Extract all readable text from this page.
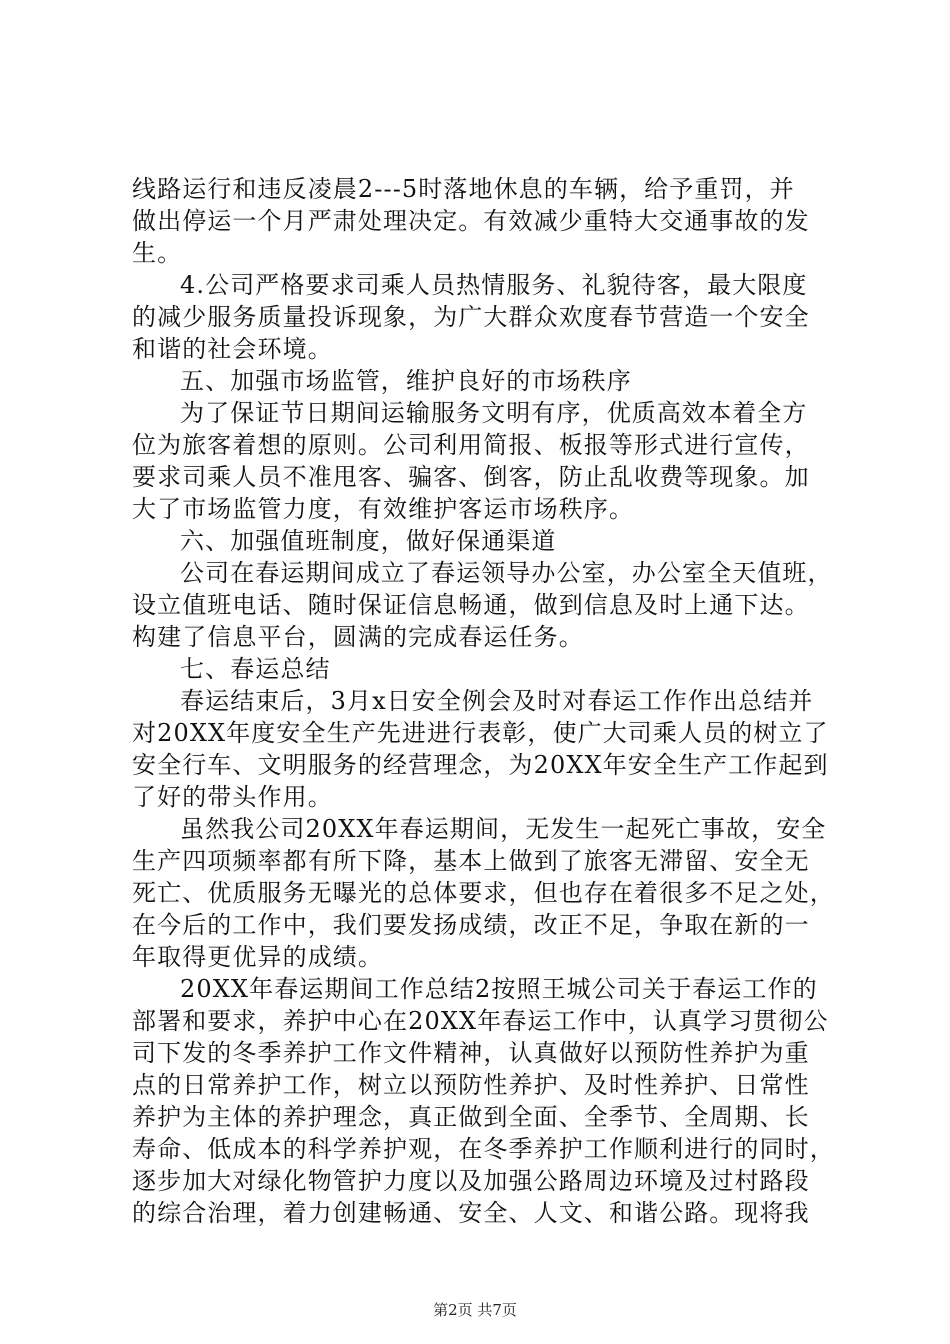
线路运行和违反凌晨2---5时落地休息的车辆，给予重罚，并
做出停运一个月严肃处理决定。有效减少重特大交通事故的发
生。
4.公司严格要求司乘人员热情服务、礼貌待客，最大限度
的减少服务质量投诉现象，为广大群众欢度春节营造一个安全
和谐的社会环境。
五、加强市场监管，维护良好的市场秩序
为了保证节日期间运输服务文明有序，优质高效本着全方
位为旅客着想的原则。公司利用简报、板报等形式进行宣传，
要求司乘人员不准甩客、骗客、倒客，防止乱收费等现象。加
大了市场监管力度，有效维护客运市场秩序。
六、加强值班制度，做好保通渠道
公司在春运期间成立了春运领导办公室，办公室全天值班，
设立值班电话、随时保证信息畅通，做到信息及时上通下达。
构建了信息平台，圆满的完成春运任务。
七、春运总结
春运结束后，3月x日安全例会及时对春运工作作出总结并
对20XX年度安全生产先进进行表彰，使广大司乘人员的树立了
安全行车、文明服务的经营理念，为20XX年安全生产工作起到
了好的带头作用。
虽然我公司20XX年春运期间，无发生一起死亡事故，安全
生产四项频率都有所下降，基本上做到了旅客无滞留、安全无
死亡、优质服务无曝光的总体要求，但也存在着很多不足之处，
在今后的工作中，我们要发扬成绩，改正不足，争取在新的一
年取得更优异的成绩。
20XX年春运期间工作总结2按照王城公司关于春运工作的
部署和要求，养护中心在20XX年春运工作中，认真学习贯彻公
司下发的冬季养护工作文件精神，认真做好以预防性养护为重
点的日常养护工作，树立以预防性养护、及时性养护、日常性
养护为主体的养护理念，真正做到全面、全季节、全周期、长
寿命、低成本的科学养护观，在冬季养护工作顺利进行的同时，
逐步加大对绿化物管护力度以及加强公路周边环境及过村路段
的综合治理，着力创建畅通、安全、人文、和谐公路。现将我
第2页 共7页
